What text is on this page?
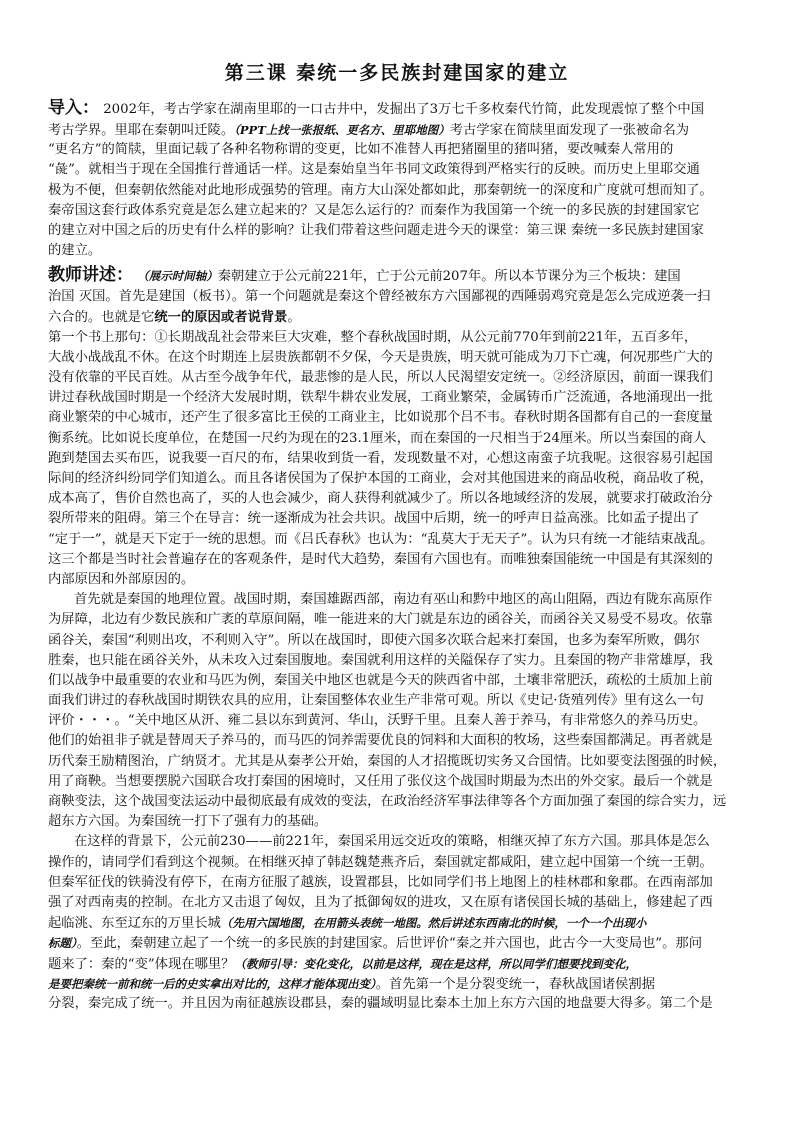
第三课 秦统一多民族封建国家的建立
导入： 2002年，考古学家在湖南里耶的一口古井中，发掘出了3万七千多枚秦代竹简，此发现震惊了整个中国
考古学界。里耶在秦朝叫迁陵。（PPT上找一张报纸、更名方、里耶地图）考古学家在简牍里面发现了一张被命名为
“更名方”的简牍，里面记载了各种名物称谓的变更，比如不准替人再把猪圈里的猪叫猪，要改喊秦人常用的
“彘”。就相当于现在全国推行普通话一样。这是秦始皇当年书同文政策得到严格实行的反映。而历史上里耶交通
极为不便，但秦朝依然能对此地形成强势的管理。南方大山深处都如此，那秦朝统一的深度和广度就可想而知了。
秦帝国这套行政体系究竟是怎么建立起来的？又是怎么运行的？而秦作为我国第一个统一的多民族的封建国家它
的建立对中国之后的历史有什么样的影响？让我们带着这些问题走进今天的课堂：第三课 秦统一多民族封建国家
的建立。
教师讲述： （展示时间轴）秦朝建立于公元前221年，亡于公元前207年。所以本节课分为三个板块：建国
治国 灭国。首先是建国（板书）。第一个问题就是秦这个曾经被东方六国鄙视的西陲弱鸡究竟是怎么完成逆袭一扫
六合的。也就是它统一的原因或者说背景。
第一个书上那句：①长期战乱社会带来巨大灾难，整个春秋战国时期，从公元前770年到前221年，五百多年，
大战小战战乱不休。在这个时期连上层贵族都朝不夕保，今天是贵族，明天就可能成为刀下亡魂，何况那些广大的
没有依靠的平民百姓。从古至今战争年代，最悲惨的是人民，所以人民渴望安定统一。②经济原因，前面一课我们
讲过春秋战国时期是一个经济大发展时期，铁犁牛耕农业发展，工商业繁荣，金属铸币广泛流通，各地涌现出一批
商业繁荣的中心城市，还产生了很多富比王侯的工商业主，比如说那个吕不韦。春秋时期各国都有自己的一套度量
衡系统。比如说长度单位，在楚国一尺约为现在的23.1厘米，而在秦国的一尺相当于24厘米。所以当秦国的商人
跑到楚国去买布匹，说我要一百尺的布，结果收到货一看，发现数量不对，心想这南蛮子坑我呢。这很容易引起国
际间的经济纠纷同学们知道么。而且各诸侯国为了保护本国的工商业，会对其他国进来的商品收税，商品收了税，
成本高了，售价自然也高了，买的人也会减少，商人获得利就减少了。所以各地域经济的发展，就要求打破政治分
裂所带来的阻碍。第三个在导言：统一逐渐成为社会共识。战国中后期，统一的呼声日益高涨。比如孟子提出了
“定于一”，就是天下定于一统的思想。而《吕氏春秋》也认为：“乱莫大于无天子”。认为只有统一才能结束战乱。
这三个都是当时社会普遍存在的客观条件，是时代大趋势，秦国有六国也有。而唯独秦国能统一中国是有其深刻的
内部原因和外部原因的。
首先就是秦国的地理位置。战国时期，秦国雄踞西部，南边有巫山和黔中地区的高山阻隔，西边有陇东高原作
为屏障，北边有少数民族和广袤的草原间隔，唯一能进来的大门就是东边的函谷关，而函谷关又易受不易攻。依靠
函谷关，秦国“利则出攻，不利则入守”。所以在战国时，即使六国多次联合起来打秦国，也多为秦军所败，偶尔
胜秦，也只能在函谷关外，从未攻入过秦国腹地。秦国就利用这样的关隘保存了实力。且秦国的物产非常雄厚，我
们以战争中最重要的农业和马匹为例，秦国关中地区也就是今天的陕西省中部，土壤非常肥沃，疏松的土质加上前
面我们讲过的春秋战国时期铁农具的应用，让秦国整体农业生产非常可观。所以《史记·货殖列传》里有这么一句
评价・・・。“关中地区从汧、雍二县以东到黄河、华山，沃野千里。且秦人善于养马，有非常悠久的养马历史。
他们的始祖非子就是替周天子养马的，而马匹的饲养需要优良的饲料和大面积的牧场，这些秦国都满足。再者就是
历代秦王励精图治，广纳贤才。尤其是从秦孝公开始，秦国的人才招揽既切实务又合国情。比如要变法图强的时候，
用了商鞅。当想要摆脱六国联合攻打秦国的困境时，又任用了张仪这个战国时期最为杰出的外交家。最后一个就是
商鞅变法，这个战国变法运动中最彻底最有成效的变法，在政治经济军事法律等各个方面加强了秦国的综合实力，远
超东方六国。为秦国统一打下了强有力的基础。
在这样的背景下，公元前230——前221年，秦国采用远交近攻的策略，相继灭掉了东方六国。那具体是怎么
操作的，请同学们看到这个视频。在相继灭掉了韩赵魏楚燕齐后，秦国就定都咸阳，建立起中国第一个统一王朝。
但秦军征伐的铁骑没有停下，在南方征服了越族，设置郡县，比如同学们书上地图上的桂林郡和象郡。在西南部加
强了对西南夷的控制。在北方又击退了匈奴，且为了抵御匈奴的进攻，又在原有诸侯国长城的基础上，修建起了西
起临洮、东至辽东的万里长城（先用六国地图，在用箭头表统一地图。然后讲述东西南北的时候，一个一个出现小
标题）。至此，秦朝建立起了一个统一的多民族的封建国家。后世评价“秦之并六国也，此古今一大变局也”。那问
题来了：秦的“变”体现在哪里？（教师引导：变化变化，以前是这样，现在是这样，所以同学们想要找到变化，
是要把秦统一前和统一后的史实拿出对比的，这样才能体现出变）。首先第一个是分裂变统一，春秋战国诸侯割据
分裂，秦完成了统一。并且因为南征越族设郡县，秦的疆域明显比秦本土加上东方六国的地盘要大得多。第二个是
